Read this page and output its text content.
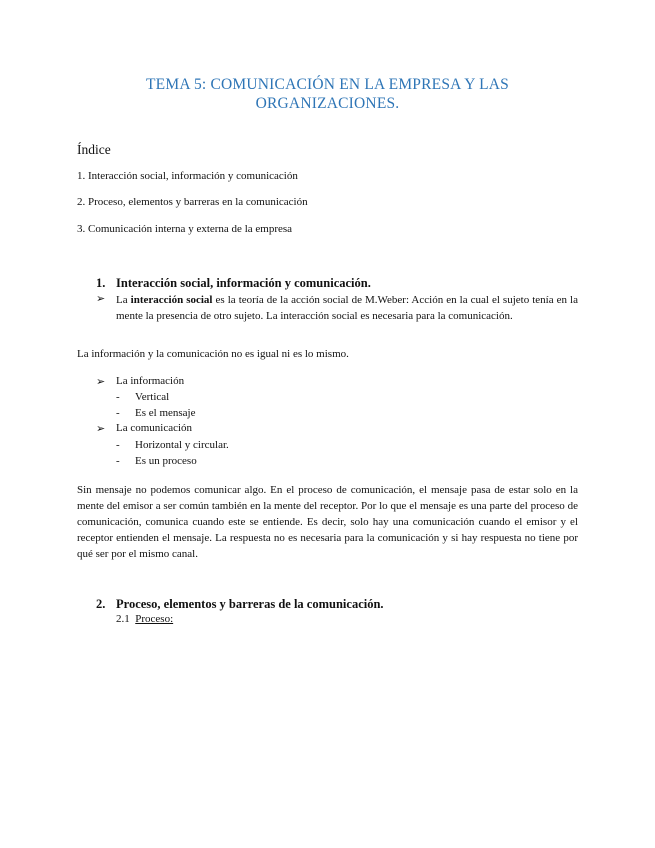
TEMA 5: COMUNICACIÓN EN LA EMPRESA Y LAS
ORGANIZACIONES.
Índice
1. Interacción social, información y comunicación
2. Proceso, elementos y barreras en la comunicación
3. Comunicación interna y externa de la empresa
1. Interacción social, información y comunicación.
➢ La interacción social es la teoría de la acción social de M.Weber: Acción en la cual el sujeto tenía en la mente la presencia de otro sujeto. La interacción social es necesaria para la comunicación.
La información y la comunicación no es igual ni es lo mismo.
➢ La información
- Vertical
- Es el mensaje
➢ La comunicación
- Horizontal y circular.
- Es un proceso
Sin mensaje no podemos comunicar algo. En el proceso de comunicación, el mensaje pasa de estar solo en la mente del emisor a ser común también en la mente del receptor. Por lo que el mensaje es una parte del proceso de comunicación, comunica cuando este se entiende. Es decir, solo hay una comunicación cuando el emisor y el receptor entienden el mensaje. La respuesta no es necesaria para la comunicación y si hay respuesta no tiene por qué ser por el mismo canal.
2. Proceso, elementos y barreras de la comunicación.
2.1 Proceso:
